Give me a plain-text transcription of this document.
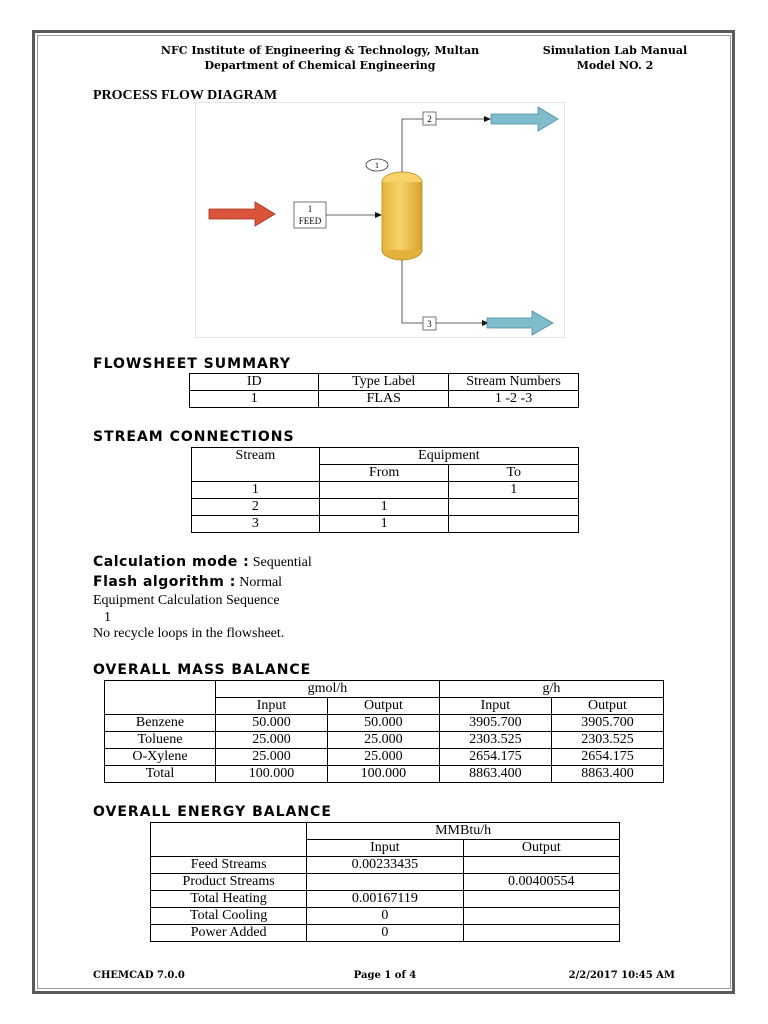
NFC Institute of Engineering & Technology, Multan
Department of Chemical Engineering
Simulation Lab Manual
Model NO. 2
PROCESS FLOW DIAGRAM
1
FEED
1
2
3
FLOWSHEET SUMMARY
ID	Type Label	Stream Numbers
1	FLAS	1 -2 -3
STREAM CONNECTIONS
Stream	Equipment	
	From	To
1		1
2	1	
3	1	
Calculation mode : Sequential
Flash algorithm : Normal
Equipment Calculation Sequence
1
No recycle loops in the flowsheet.
OVERALL MASS BALANCE
	gmol/h		g/h	
	Input	Output	Input	Output
Benzene	50.000	50.000	3905.700	3905.700
Toluene	25.000	25.000	2303.525	2303.525
O-Xylene	25.000	25.000	2654.175	2654.175
Total	100.000	100.000	8863.400	8863.400
OVERALL ENERGY BALANCE
	MMBtu/h	
	Input	Output
Feed Streams	0.00233435	
Product Streams		0.00400554
Total Heating	0.00167119	
Total Cooling	0	
Power Added	0	
CHEMCAD 7.0.0	Page 1 of 4	2/2/2017 10:45 AM
